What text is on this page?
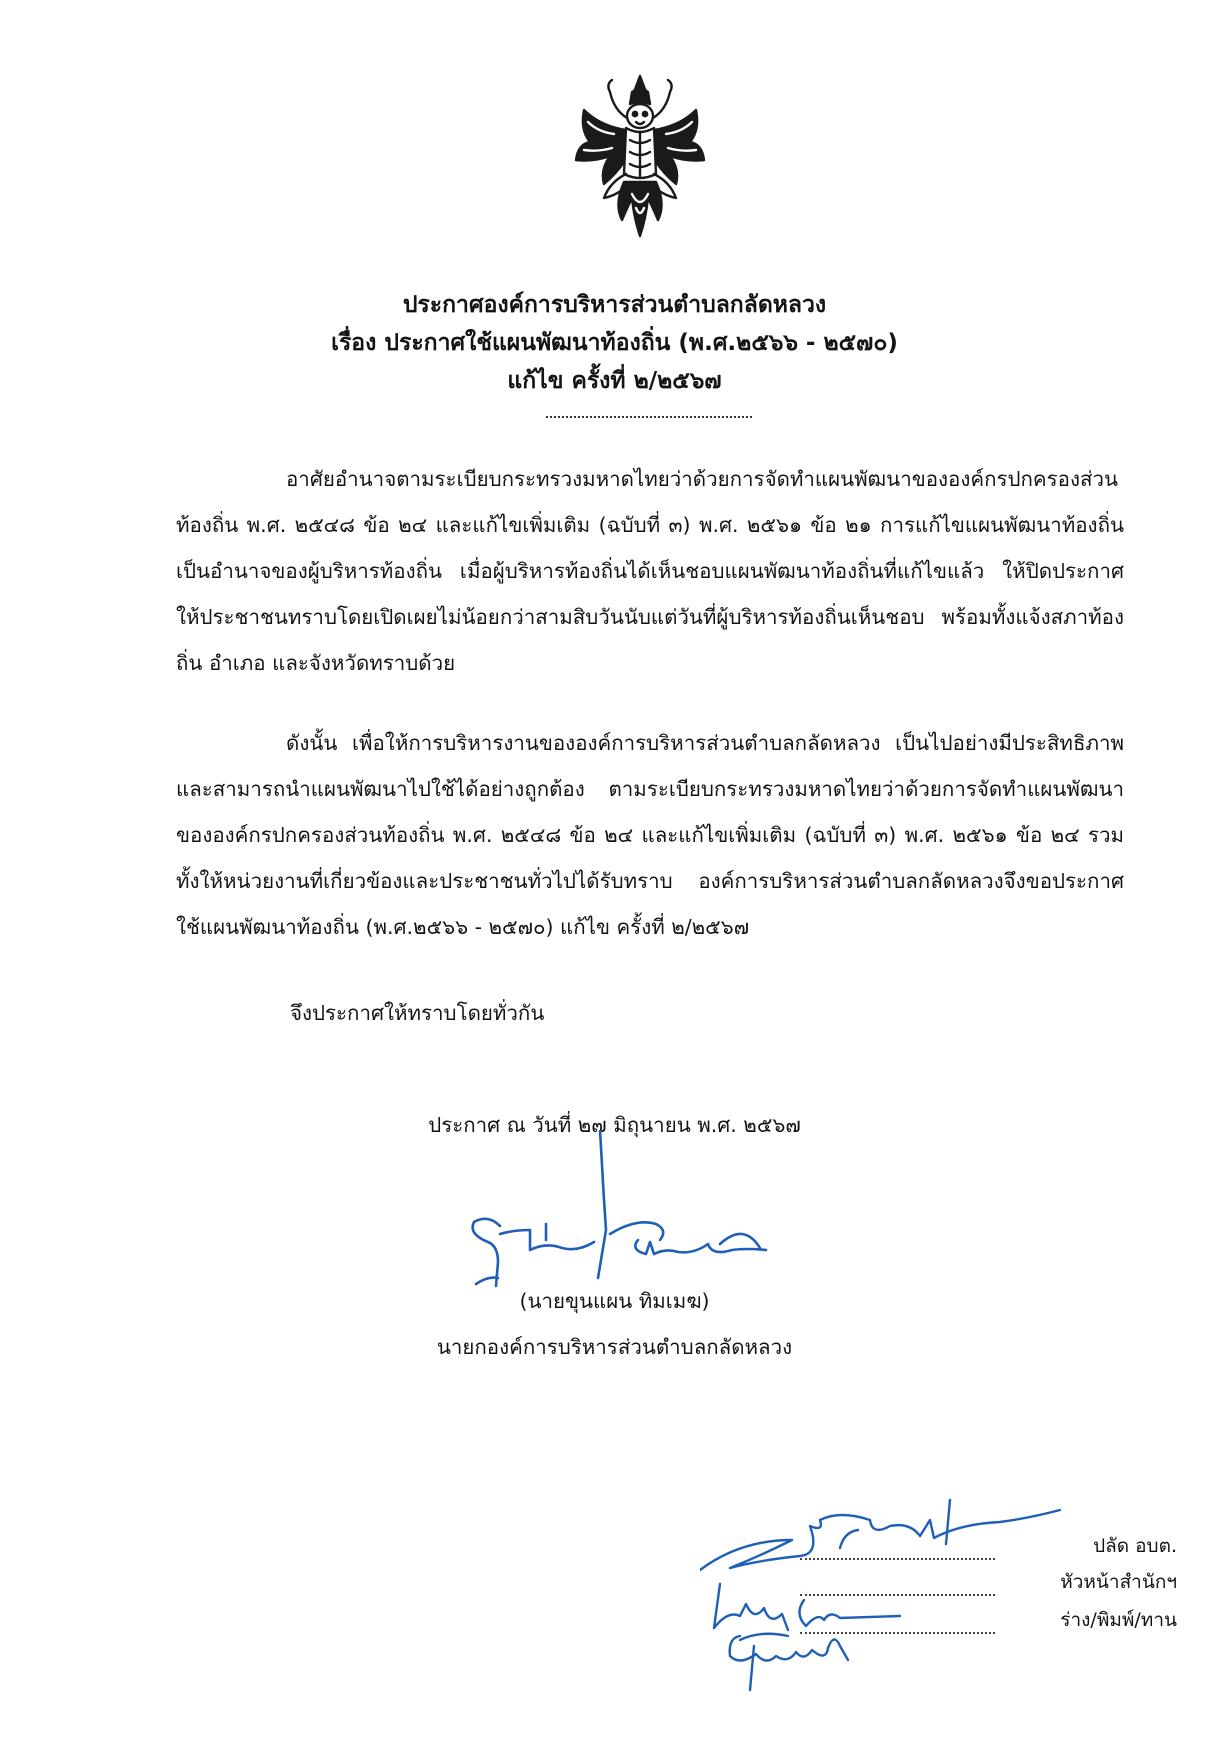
ประกาศองค์การบริหารส่วนตำบลกลัดหลวง
เรื่อง ประกาศใช้แผนพัฒนาท้องถิ่น (พ.ศ.๒๕๖๖ - ๒๕๗๐)
แก้ไข ครั้งที่ ๒/๒๕๖๗
อาศัยอำนาจตามระเบียบกระทรวงมหาดไทยว่าด้วยการจัดทำแผนพัฒนาขององค์กรปกครองส่วนท้องถิ่น พ.ศ. ๒๕๔๘ ข้อ ๒๔ และแก้ไขเพิ่มเติม (ฉบับที่ ๓) พ.ศ. ๒๕๖๑ ข้อ ๒๑ การแก้ไขแผนพัฒนาท้องถิ่นเป็นอำนาจของผู้บริหารท้องถิ่น เมื่อผู้บริหารท้องถิ่นได้เห็นชอบแผนพัฒนาท้องถิ่นที่แก้ไขแล้ว ให้ปิดประกาศให้ประชาชนทราบโดยเปิดเผยไม่น้อยกว่าสามสิบวันนับแต่วันที่ผู้บริหารท้องถิ่นเห็นชอบ พร้อมทั้งแจ้งสภาท้องถิ่น อำเภอ และจังหวัดทราบด้วย
ดังนั้น เพื่อให้การบริหารงานขององค์การบริหารส่วนตำบลกลัดหลวง เป็นไปอย่างมีประสิทธิภาพ และสามารถนำแผนพัฒนาไปใช้ได้อย่างถูกต้อง ตามระเบียบกระทรวงมหาดไทยว่าด้วยการจัดทำแผนพัฒนาขององค์กรปกครองส่วนท้องถิ่น พ.ศ. ๒๕๔๘ ข้อ ๒๔ และแก้ไขเพิ่มเติม (ฉบับที่ ๓) พ.ศ. ๒๕๖๑ ข้อ ๒๔ รวมทั้งให้หน่วยงานที่เกี่ยวข้องและประชาชนทั่วไปได้รับทราบ องค์การบริหารส่วนตำบลกลัดหลวงจึงขอประกาศใช้แผนพัฒนาท้องถิ่น (พ.ศ.๒๕๖๖ - ๒๕๗๐) แก้ไข ครั้งที่ ๒/๒๕๖๗
จึงประกาศให้ทราบโดยทั่วกัน
ประกาศ ณ วันที่ ๒๗ มิถุนายน พ.ศ. ๒๕๖๗
(นายขุนแผน ทิมเมฆ)
นายกองค์การบริหารส่วนตำบลกลัดหลวง
ปลัด อบต.
หัวหน้าสำนักฯ
ร่าง/พิมพ์/ทาน
